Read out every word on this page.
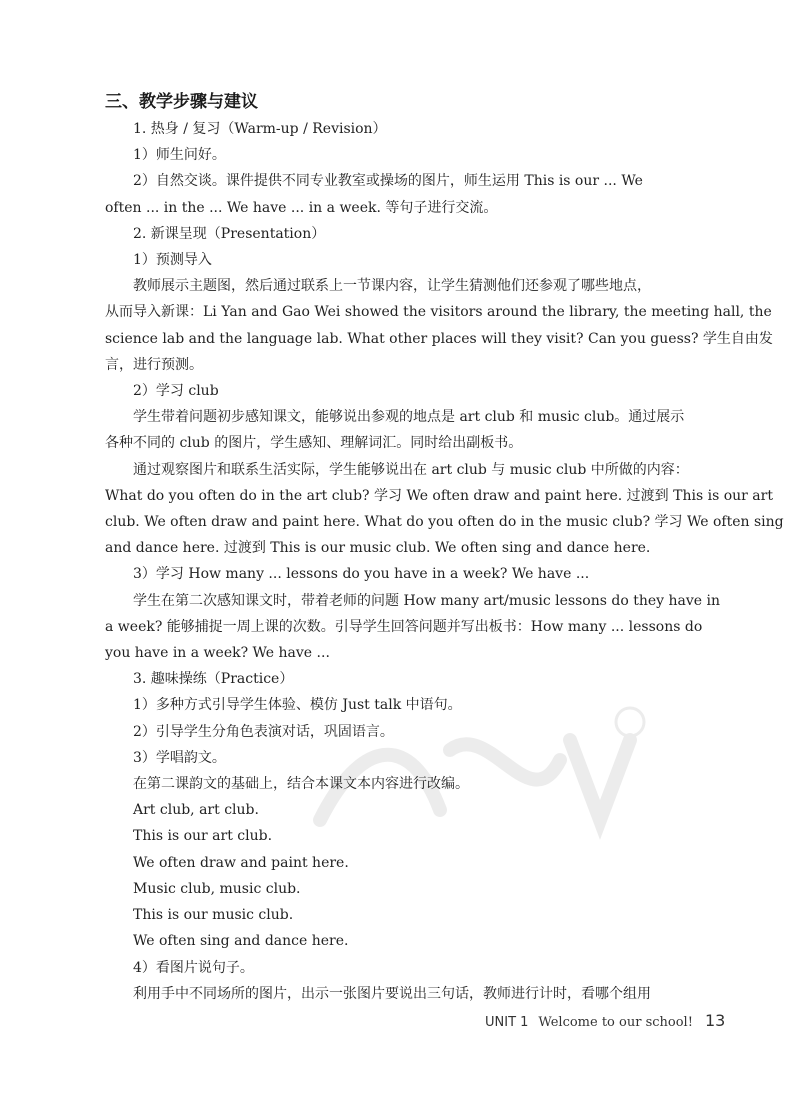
三、教学步骤与建议

1. 热身 / 复习（Warm-up / Revision）

1）师生问好。

2）自然交谈。课件提供不同专业教室或操场的图片，师生运用 This is our ... We

often ... in the ... We have ... in a week. 等句子进行交流。

2. 新课呈现（Presentation）

1）预测导入

教师展示主题图，然后通过联系上一节课内容，让学生猜测他们还参观了哪些地点，

从而导入新课：Li Yan and Gao Wei showed the visitors around the library, the meeting hall, the

science lab and the language lab. What other places will they visit? Can you guess? 学生自由发

言，进行预测。

2）学习 club

学生带着问题初步感知课文，能够说出参观的地点是 art club 和 music club。通过展示

各种不同的 club 的图片，学生感知、理解词汇。同时给出副板书。

通过观察图片和联系生活实际，学生能够说出在 art club 与 music club 中所做的内容：

What do you often do in the art club? 学习 We often draw and paint here. 过渡到 This is our art

club. We often draw and paint here. What do you often do in the music club? 学习 We often sing

and dance here. 过渡到 This is our music club. We often sing and dance here.

3）学习 How many ... lessons do you have in a week? We have ...

学生在第二次感知课文时，带着老师的问题 How many art/music lessons do they have in

a week? 能够捕捉一周上课的次数。引导学生回答问题并写出板书：How many ... lessons do

you have in a week? We have ...

3. 趣味操练（Practice）

1）多种方式引导学生体验、模仿 Just talk 中语句。

2）引导学生分角色表演对话，巩固语言。

3）学唱韵文。

在第二课韵文的基础上，结合本课文本内容进行改编。

Art club, art club.

This is our art club.

We often draw and paint here.

Music club, music club.

This is our music club.

We often sing and dance here.

4）看图片说句子。

利用手中不同场所的图片，出示一张图片要说出三句话，教师进行计时，看哪个组用

UNIT 1 Welcome to our school! 13
